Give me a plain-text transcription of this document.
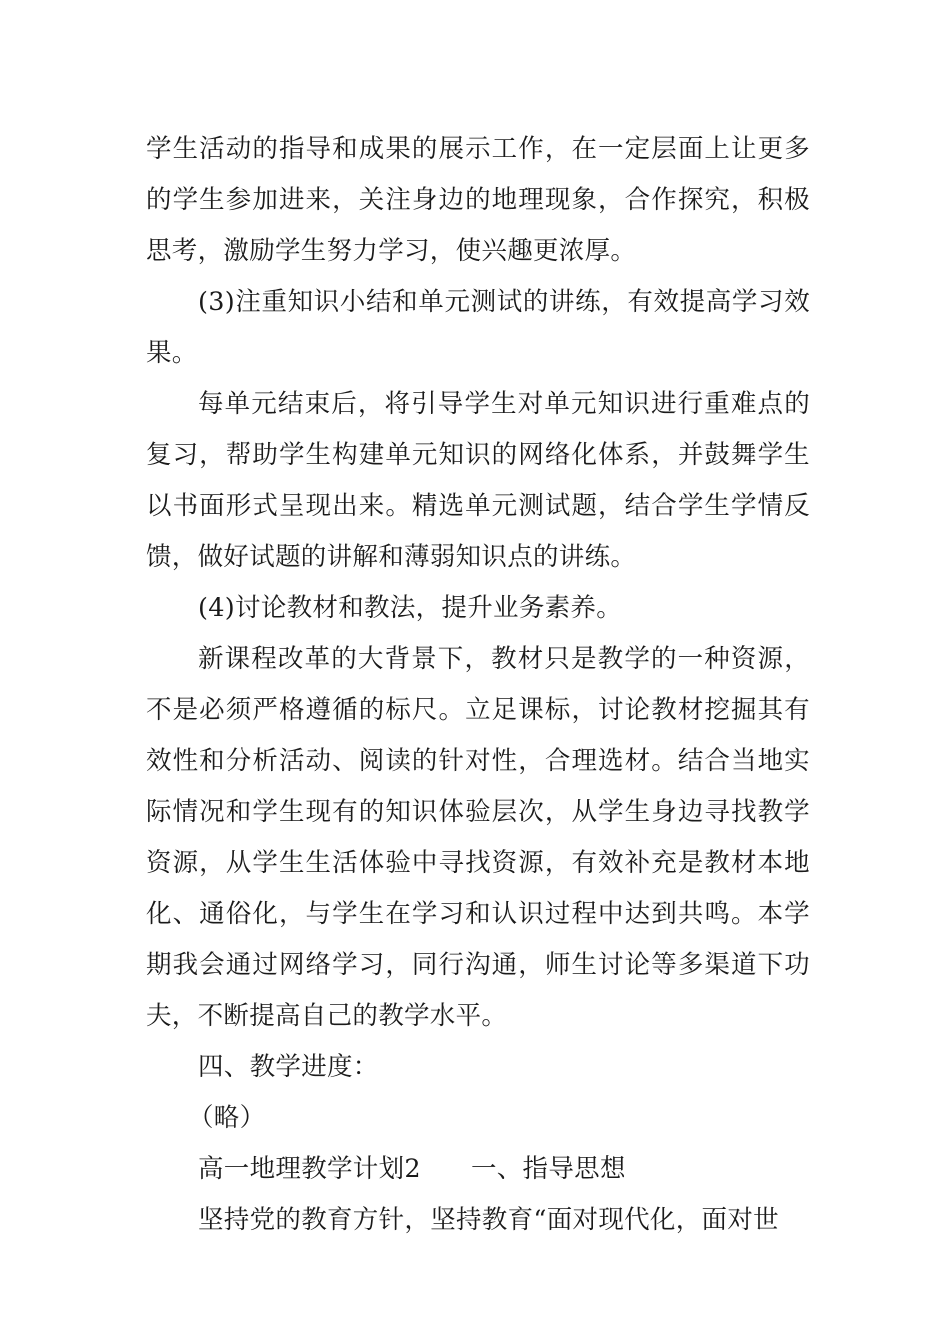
学生活动的指导和成果的展示工作，在一定层面上让更多的学生参加进来，关注身边的地理现象，合作探究，积极思考，激励学生努力学习，使兴趣更浓厚。

(3)注重知识小结和单元测试的讲练，有效提高学习效果。

每单元结束后，将引导学生对单元知识进行重难点的复习，帮助学生构建单元知识的网络化体系，并鼓舞学生以书面形式呈现出来。精选单元测试题，结合学生学情反馈，做好试题的讲解和薄弱知识点的讲练。

(4)讨论教材和教法，提升业务素养。

新课程改革的大背景下，教材只是教学的一种资源，不是必须严格遵循的标尺。立足课标，讨论教材挖掘其有效性和分析活动、阅读的针对性，合理选材。结合当地实际情况和学生现有的知识体验层次，从学生身边寻找教学资源，从学生生活体验中寻找资源，有效补充是教材本地化、通俗化，与学生在学习和认识过程中达到共鸣。本学期我会通过网络学习，同行沟通，师生讨论等多渠道下功夫，不断提高自己的教学水平。

四、教学进度：

（略）

高一地理教学计划2 一、指导思想

坚持党的教育方针，坚持教育“面对现代化，面对世
